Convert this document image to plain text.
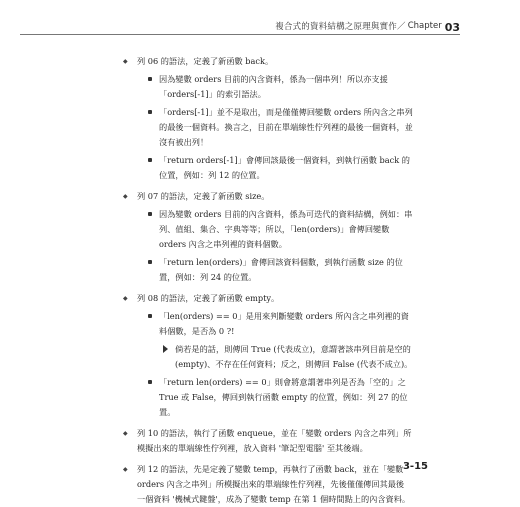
複合式的資料結構之原理與實作／ Chapter 03
◆ 列 06 的語法，定義了新函數 back。
因為變數 orders 目前的內含資料，係為一個串列！所以亦支援「orders[-1]」的索引語法。
「orders[-1]」並不是取出，而是僅僅傳回變數 orders 所內含之串列的最後一個資料。換言之，目前在單端線性佇列裡的最後一個資料，並沒有被出列！
「return orders[-1]」會傳回該最後一個資料，到執行函數 back 的位置，例如：列 12 的位置。
◆ 列 07 的語法，定義了新函數 size。
因為變數 orders 目前的內含資料，係為可迭代的資料結構，例如：串列、值組、集合、字典等等；所以，「len(orders)」會傳回變數 orders 內含之串列裡的資料個數。
「return len(orders)」會傳回該資料個數，到執行函數 size 的位置，例如：列 24 的位置。
◆ 列 08 的語法，定義了新函數 empty。
「len(orders) == 0」是用來判斷變數 orders 所內含之串列裡的資料個數，是否為 0 ?!
倘若是的話，則傳回 True (代表成立)，意謂著該串列目前是空的 (empty)、不存在任何資料；反之，則傳回 False (代表不成立)。
「return len(orders) == 0」則會將意謂著串列是否為「空的」之 True 或 False，傳回到執行函數 empty 的位置，例如：列 27 的位置。
◆ 列 10 的語法，執行了函數 enqueue，並在「變數 orders 內含之串列」所模擬出來的單端線性佇列裡，放入資料 '筆記型電腦' 至其後端。
◆ 列 12 的語法，先是定義了變數 temp，再執行了函數 back，並在「變數 orders 內含之串列」所模擬出來的單端線性佇列裡，先後僅僅傳回其最後一個資料 '機械式鍵盤'，成為了變數 temp 在第 1 個時間點上的內含資料。
3-15
